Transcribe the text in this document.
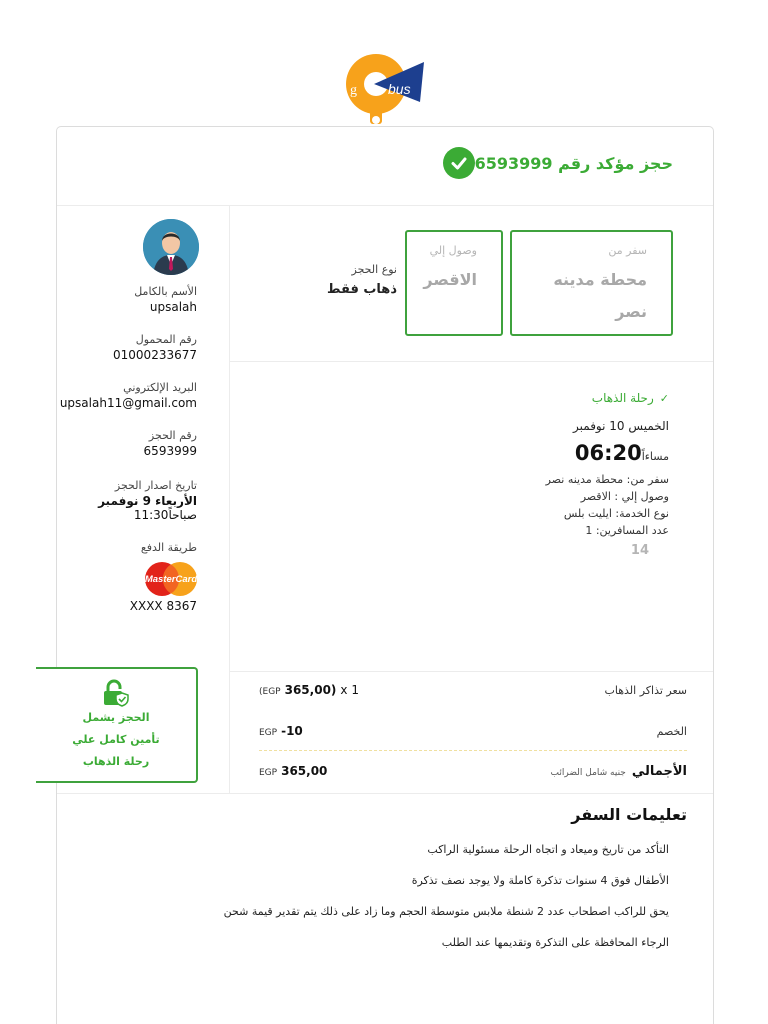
bus
g
حجز مؤكد رقم 6593999
سفر من
محطة مدينه
نصر
وصول إلي
الاقصر
نوع الحجز
ذهاب فقط
✓
رحلة الذهاب
الخميس 10 نوفمبر
مساءاً
06:20
سفر من: محطة مدينه نصر
وصول إلي : الاقصر
نوع الخدمة: ايليت بلس
عدد المسافرين: 1
14
الأسم بالكامل
upsalah
رقم المحمول
01000233677
البريد الإلكتروني
upsalah11@gmail.com
رقم الحجز
6593999
تاريخ اصدار الحجز
الأربعاء 9 نوفمبر
11:30صباحاً
طريقة الدفع
MasterCard
XXXX 8367
(EGP 365,00) x 1	سعر تذاكر الذهاب
EGP -10	الخصم
EGP 365,00	الأجمالي
جنيه شامل الضرائب
تعليمات السفر
التأكد من تاريخ وميعاد و اتجاه الرحلة مسئولية الراكب
الأطفال فوق 4 سنوات تذكرة كاملة ولا يوجد نصف تذكرة
يحق للراكب اصطحاب عدد 2 شنطة ملابس متوسطة الحجم وما زاد على ذلك يتم تقدير قيمة شحن
الرجاء المحافظة على التذكرة وتقديمها عند الطلب
الحجز يشمل
تأمين كامل علي
رحلة الذهاب
